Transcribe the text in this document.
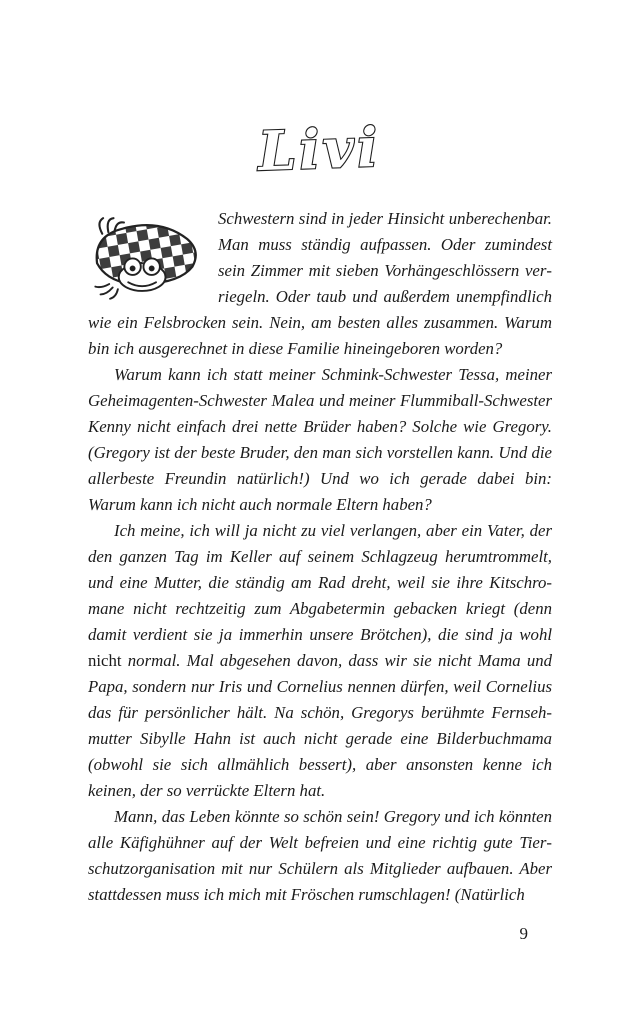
Livi

Schwestern sind in jeder Hinsicht unberechenbar. Man muss ständig aufpassen. Oder zumindest sein Zimmer mit sieben Vorhängeschlössern verriegeln. Oder taub und außerdem unempfindlich wie ein Felsbrocken sein. Nein, am besten alles zusammen. Warum bin ich ausgerechnet in diese Familie hineingeboren worden?

Warum kann ich statt meiner Schmink-Schwester Tessa, meiner Geheimagenten-Schwester Malea und meiner Flummiball-Schwester Kenny nicht einfach drei nette Brüder haben? Solche wie Gregory. (Gregory ist der beste Bruder, den man sich vorstellen kann. Und die allerbeste Freundin natürlich!) Und wo ich gerade dabei bin: Warum kann ich nicht auch normale Eltern haben?

Ich meine, ich will ja nicht zu viel verlangen, aber ein Vater, der den ganzen Tag im Keller auf seinem Schlagzeug herumtrommelt, und eine Mutter, die ständig am Rad dreht, weil sie ihre Kitschromane nicht rechtzeitig zum Abgabetermin gebacken kriegt (denn damit verdient sie ja immerhin unsere Brötchen), die sind ja wohl nicht normal. Mal abgesehen davon, dass wir sie nicht Mama und Papa, sondern nur Iris und Cornelius nennen dürfen, weil Cornelius das für persönlicher hält. Na schön, Gregorys berühmte Fernsehmutter Sibylle Hahn ist auch nicht gerade eine Bilderbuchmama (obwohl sie sich allmählich bessert), aber ansonsten kenne ich keinen, der so verrückte Eltern hat.

Mann, das Leben könnte so schön sein! Gregory und ich könnten alle Käfighühner auf der Welt befreien und eine richtig gute Tierschutzorganisation mit nur Schülern als Mitglieder aufbauen. Aber stattdessen muss ich mich mit Fröschen rumschlagen! (Natürlich

9
